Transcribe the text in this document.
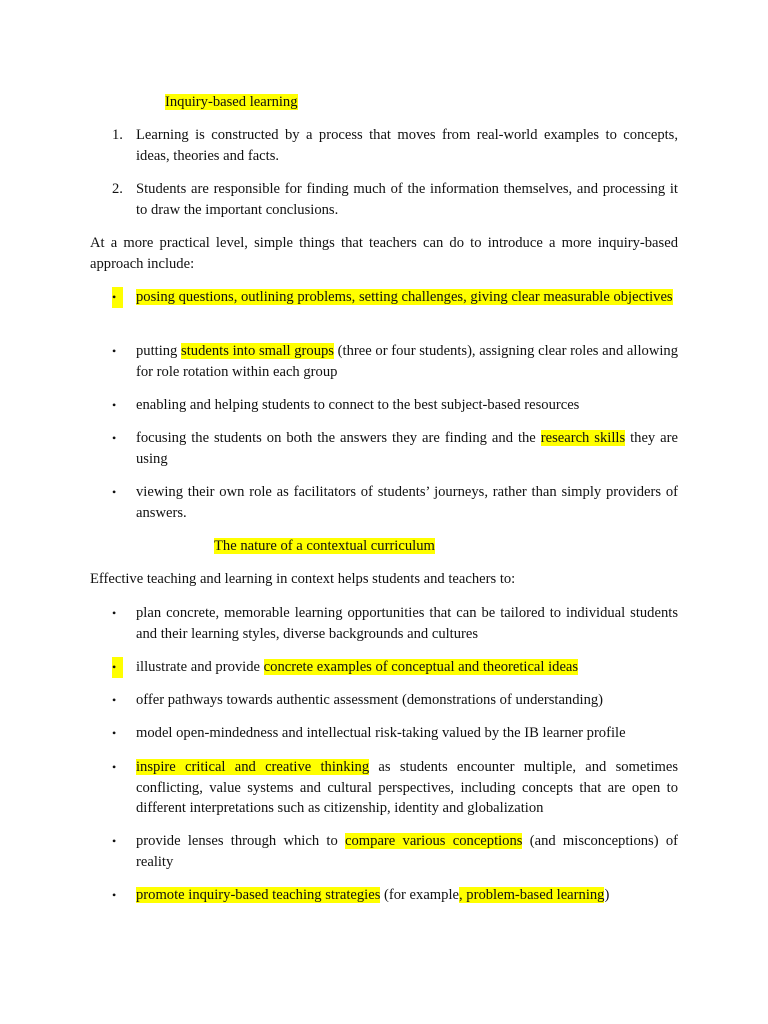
Inquiry-based learning
1. Learning is constructed by a process that moves from real-world examples to concepts, ideas, theories and facts.
2. Students are responsible for finding much of the information themselves, and processing it to draw the important conclusions.
At a more practical level, simple things that teachers can do to introduce a more inquiry-based approach include:
•	posing questions, outlining problems, setting challenges, giving clear measurable objectives
•	putting students into small groups (three or four students), assigning clear roles and allowing for role rotation within each group
•	enabling and helping students to connect to the best subject-based resources
•	focusing the students on both the answers they are finding and the research skills they are using
•	viewing their own role as facilitators of students’ journeys, rather than simply providers of answers.
The nature of a contextual curriculum
Effective teaching and learning in context helps students and teachers to:
•	plan concrete, memorable learning opportunities that can be tailored to individual students and their learning styles, diverse backgrounds and cultures
•	illustrate and provide concrete examples of conceptual and theoretical ideas
•	offer pathways towards authentic assessment (demonstrations of understanding)
•	model open-mindedness and intellectual risk-taking valued by the IB learner profile
•	inspire critical and creative thinking as students encounter multiple, and sometimes conflicting, value systems and cultural perspectives, including concepts that are open to different interpretations such as citizenship, identity and globalization
•	provide lenses through which to compare various conceptions (and misconceptions) of reality
•	promote inquiry-based teaching strategies (for example, problem-based learning)
